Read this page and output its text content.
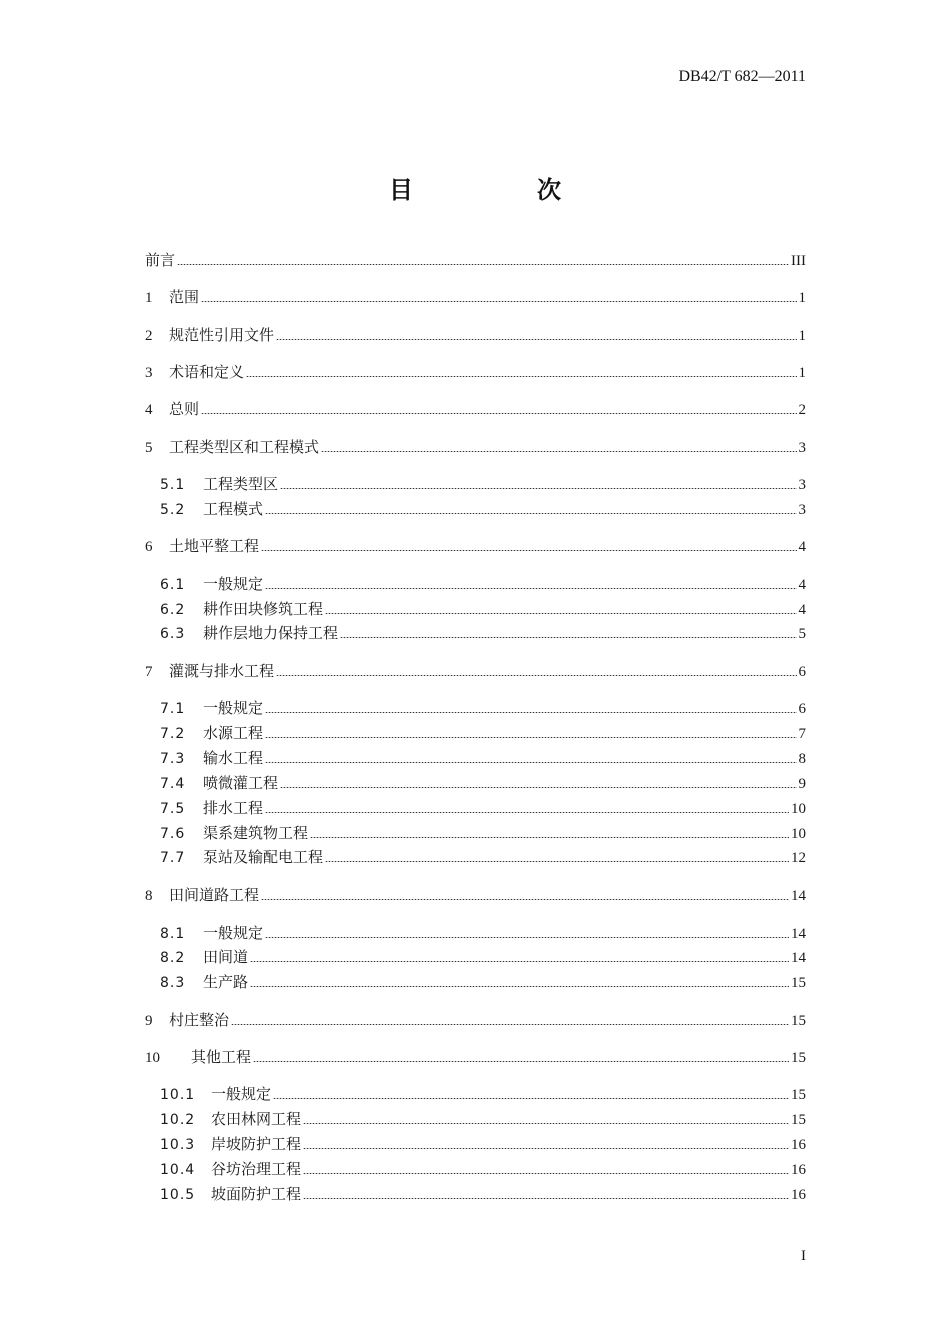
DB42/T 682—2011
目　次
前言	III
1	范围	1
2	规范性引用文件	1
3	术语和定义	1
4	总则	2
5	工程类型区和工程模式	3
5.1	工程类型区	3
5.2	工程模式	3
6	土地平整工程	4
6.1	一般规定	4
6.2	耕作田块修筑工程	4
6.3	耕作层地力保持工程	5
7	灌溉与排水工程	6
7.1	一般规定	6
7.2	水源工程	7
7.3	输水工程	8
7.4	喷微灌工程	9
7.5	排水工程	10
7.6	渠系建筑物工程	10
7.7	泵站及输配电工程	12
8	田间道路工程	14
8.1	一般规定	14
8.2	田间道	14
8.3	生产路	15
9	村庄整治	15
10	其他工程	15
10.1	一般规定	15
10.2	农田林网工程	15
10.3	岸坡防护工程	16
10.4	谷坊治理工程	16
10.5	坡面防护工程	16
I
